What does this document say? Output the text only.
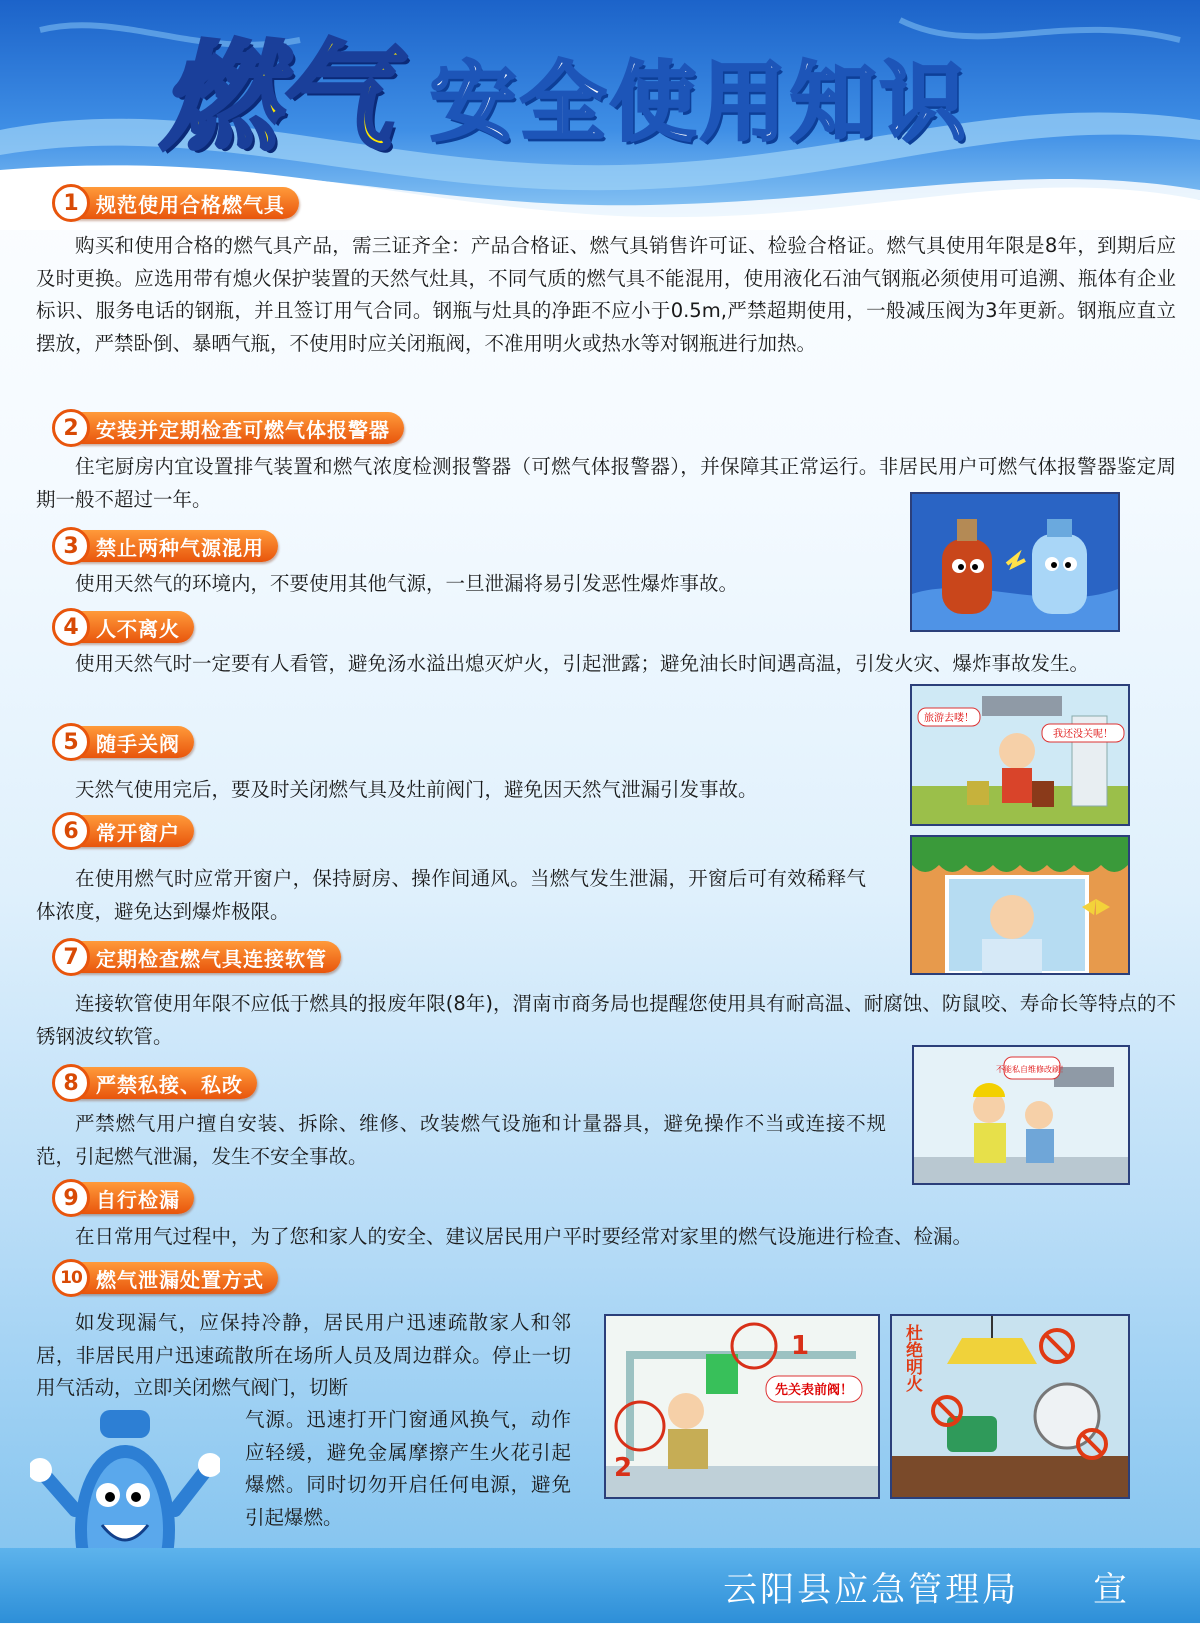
燃气 安全使用知识
1 规范使用合格燃气具

购买和使用合格的燃气具产品，需三证齐全：产品合格证、燃气具销售许可证、检验合格证。燃气具使用年限是8年，到期后应及时更换。应选用带有熄火保护装置的天然气灶具，不同气质的燃气具不能混用，使用液化石油气钢瓶必须使用可追溯、瓶体有企业标识、服务电话的钢瓶，并且签订用气合同。钢瓶与灶具的净距不应小于0.5m,严禁超期使用，一般减压阀为3年更新。钢瓶应直立摆放，严禁卧倒、暴晒气瓶，不使用时应关闭瓶阀，不准用明火或热水等对钢瓶进行加热。

2 安装并定期检查可燃气体报警器

住宅厨房内宜设置排气装置和燃气浓度检测报警器（可燃气体报警器），并保障其正常运行。非居民用户可燃气体报警器鉴定周期一般不超过一年。

3 禁止两种气源混用

使用天然气的环境内，不要使用其他气源，一旦泄漏将易引发恶性爆炸事故。

4 人不离火

使用天然气时一定要有人看管，避免汤水溢出熄灭炉火，引起泄露；避免油长时间遇高温，引发火灾、爆炸事故发生。

5 随手关阀

天然气使用完后，要及时关闭燃气具及灶前阀门，避免因天然气泄漏引发事故。

6 常开窗户

在使用燃气时应常开窗户，保持厨房、操作间通风。当燃气发生泄漏，开窗后可有效稀释气体浓度，避免达到爆炸极限。

7 定期检查燃气具连接软管

连接软管使用年限不应低于燃具的报废年限(8年)，渭南市商务局也提醒您使用具有耐高温、耐腐蚀、防鼠咬、寿命长等特点的不锈钢波纹软管。

8 严禁私接、私改

严禁燃气用户擅自安装、拆除、维修、改装燃气设施和计量器具，避免操作不当或连接不规范，引起燃气泄漏，发生不安全事故。

9 自行检漏

在日常用气过程中，为了您和家人的安全、建议居民用户平时要经常对家里的燃气设施进行检查、检漏。

10 燃气泄漏处置方式

如发现漏气，应保持冷静，居民用户迅速疏散家人和邻居，非居民用户迅速疏散所在场所人员及周边群众。停止一切用气活动，立即关闭燃气阀门，切断

气源。迅速打开门窗通风换气，动作应轻缓，避免金属摩擦产生火花引起爆燃。同时切勿开启任何电源，避免引起爆燃。

旅游去喽！
我还没关呢！
不能私自维修改刷！
1
先关表前阀！
2
杜绝明火
云阳县应急管理局 宣
